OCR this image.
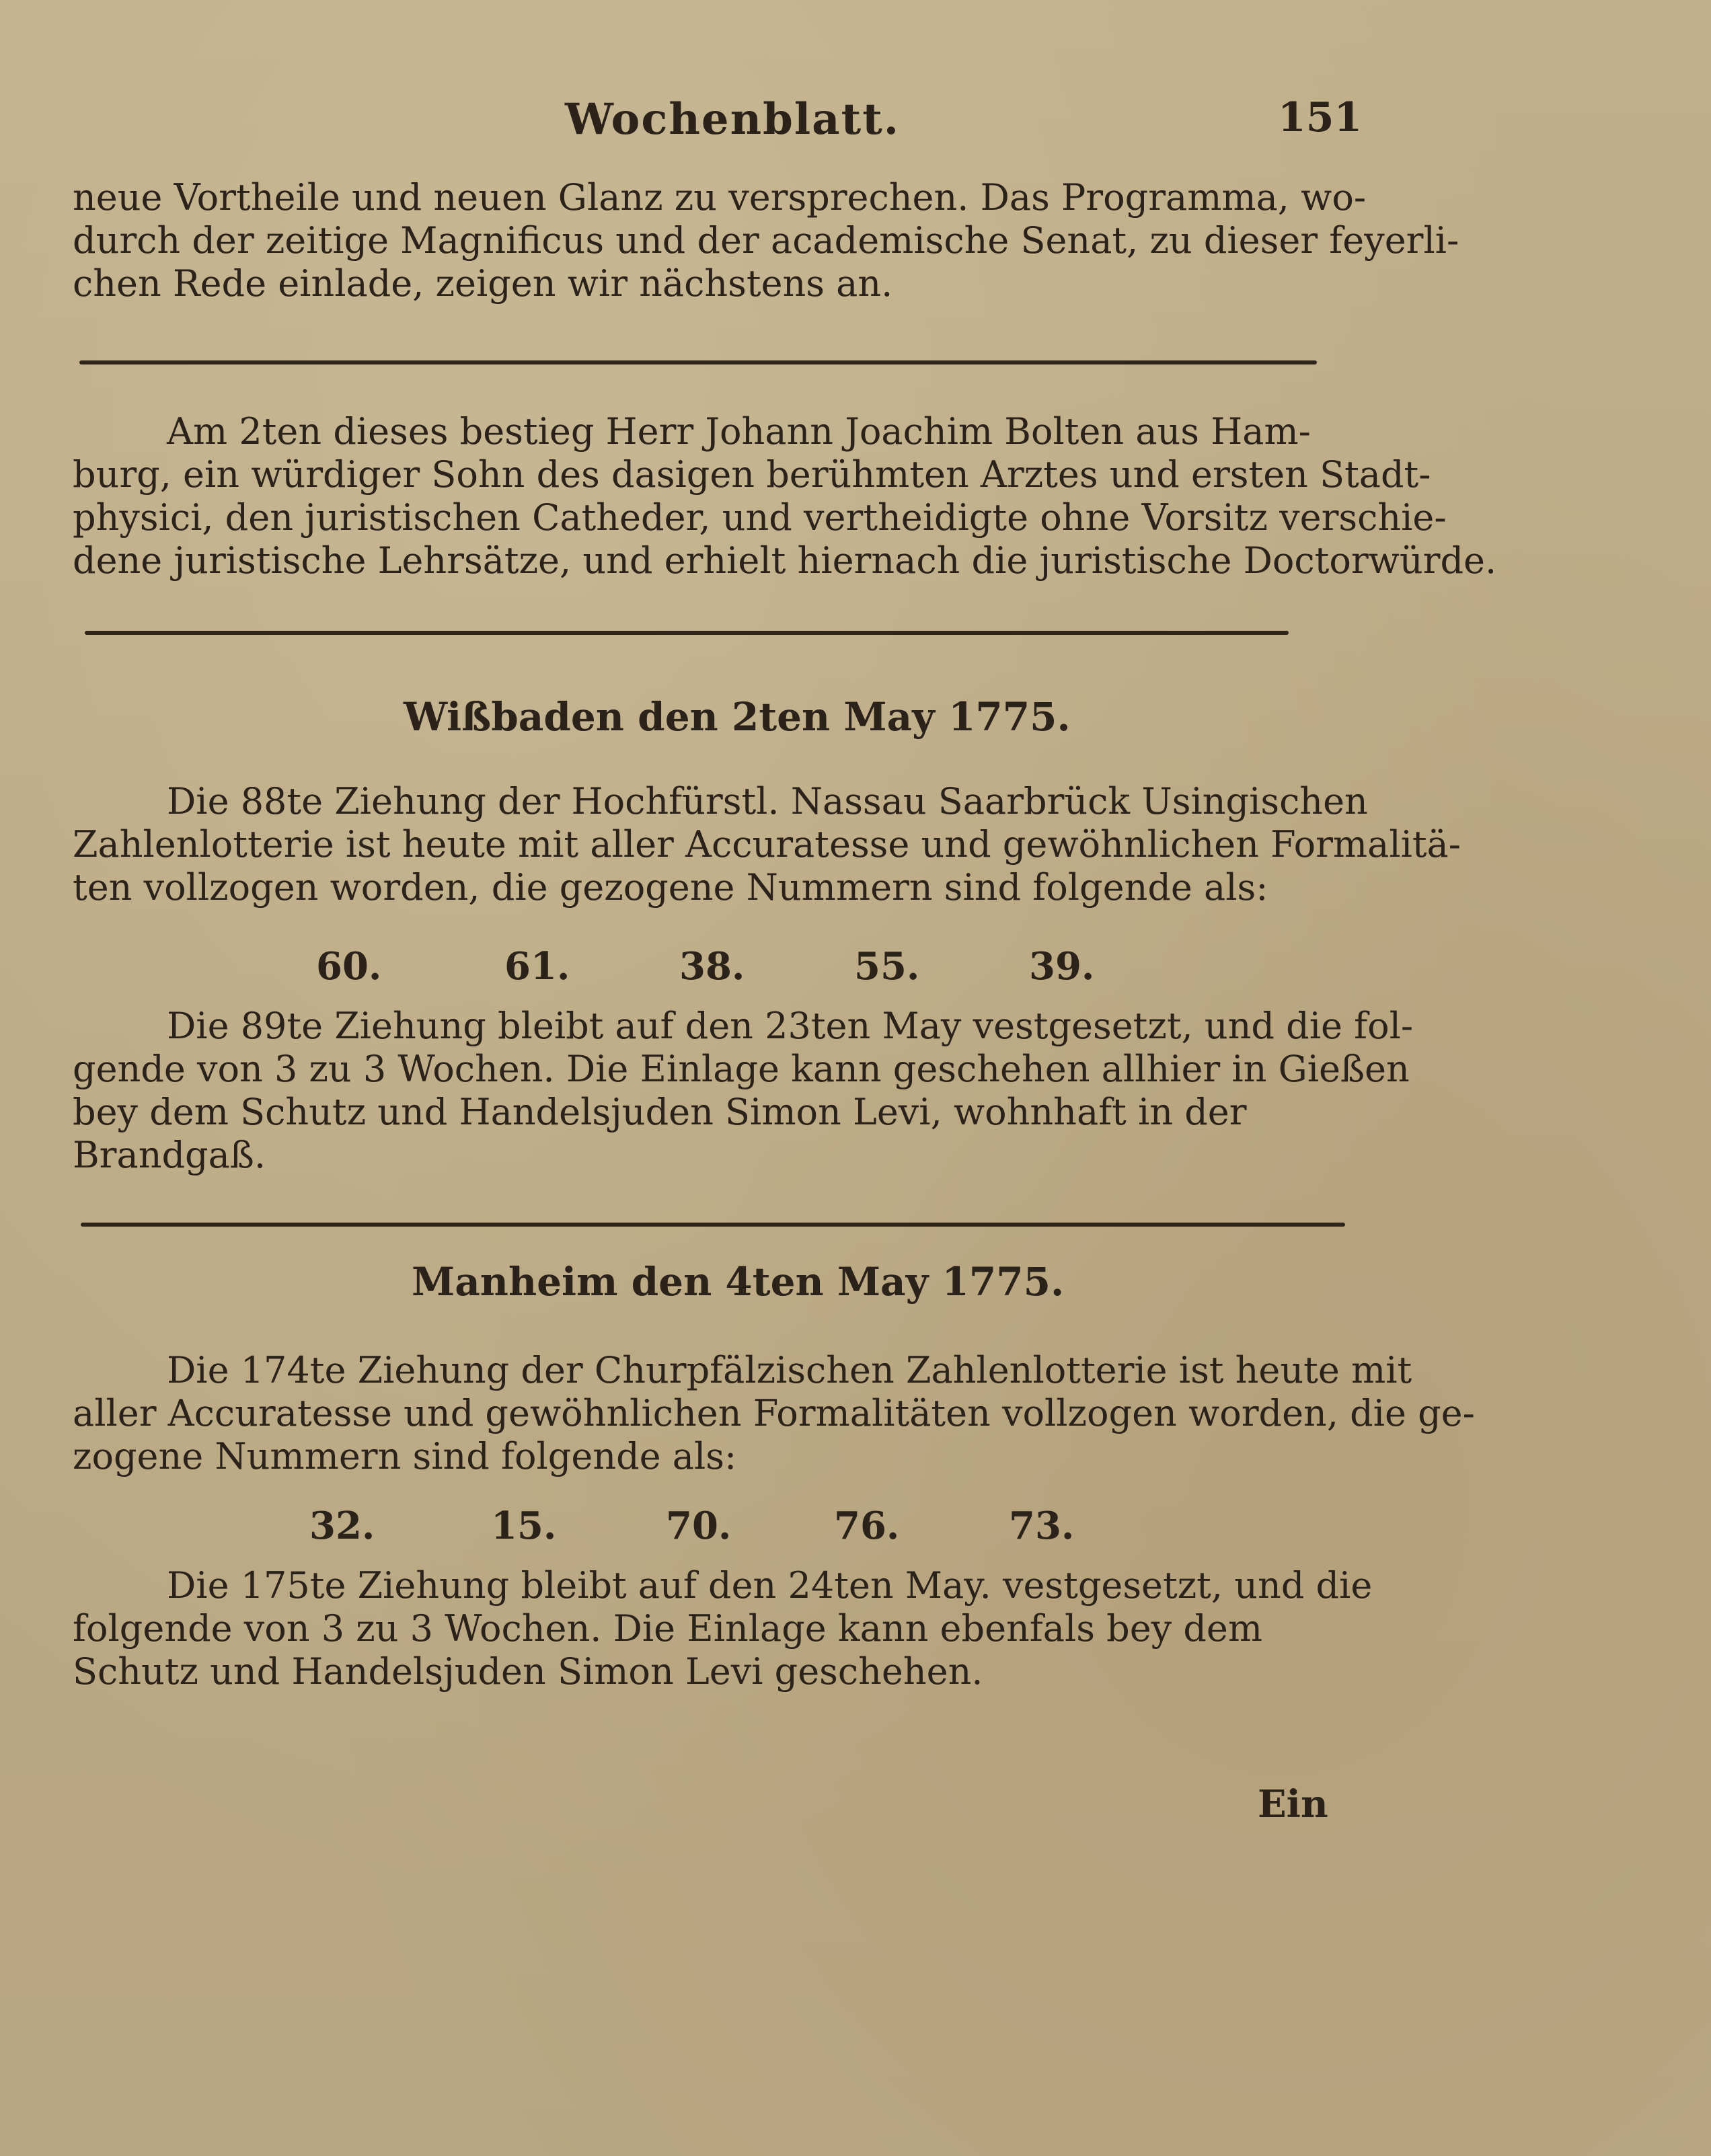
Wochenblatt.	151
neue Vortheile und neuen Glanz zu versprechen. Das Programma, wo-
durch der zeitige Magnificus und der academische Senat, zu dieser feyerli-
chen Rede einlade, zeigen wir nächstens an.
Am 2ten dieses bestieg Herr Johann Joachim Bolten aus Ham-
burg, ein würdiger Sohn des dasigen berühmten Arztes und ersten Stadt-
physici, den juristischen Catheder, und vertheidigte ohne Vorsitz verschie-
dene juristische Lehrsätze, und erhielt hiernach die juristische Doctorwürde.
Wißbaden den 2ten May 1775.
Die 88te Ziehung der Hochfürstl. Nassau Saarbrück Usingischen
Zahlenlotterie ist heute mit aller Accuratesse und gewöhnlichen Formalitä-
ten vollzogen worden, die gezogene Nummern sind folgende als:
60.	61.	38.	55.	39.
Die 89te Ziehung bleibt auf den 23ten May vestgesetzt, und die fol-
gende von 3 zu 3 Wochen. Die Einlage kann geschehen allhier in Gießen
bey dem Schutz und Handelsjuden Simon Levi, wohnhaft in der
Brandgaß.
Manheim den 4ten May 1775.
Die 174te Ziehung der Churpfälzischen Zahlenlotterie ist heute mit
aller Accuratesse und gewöhnlichen Formalitäten vollzogen worden, die ge-
zogene Nummern sind folgende als:
32.	15.	70.	76.	73.
Die 175te Ziehung bleibt auf den 24ten May. vestgesetzt, und die
folgende von 3 zu 3 Wochen. Die Einlage kann ebenfals bey dem
Schutz und Handelsjuden Simon Levi geschehen.
Ein
